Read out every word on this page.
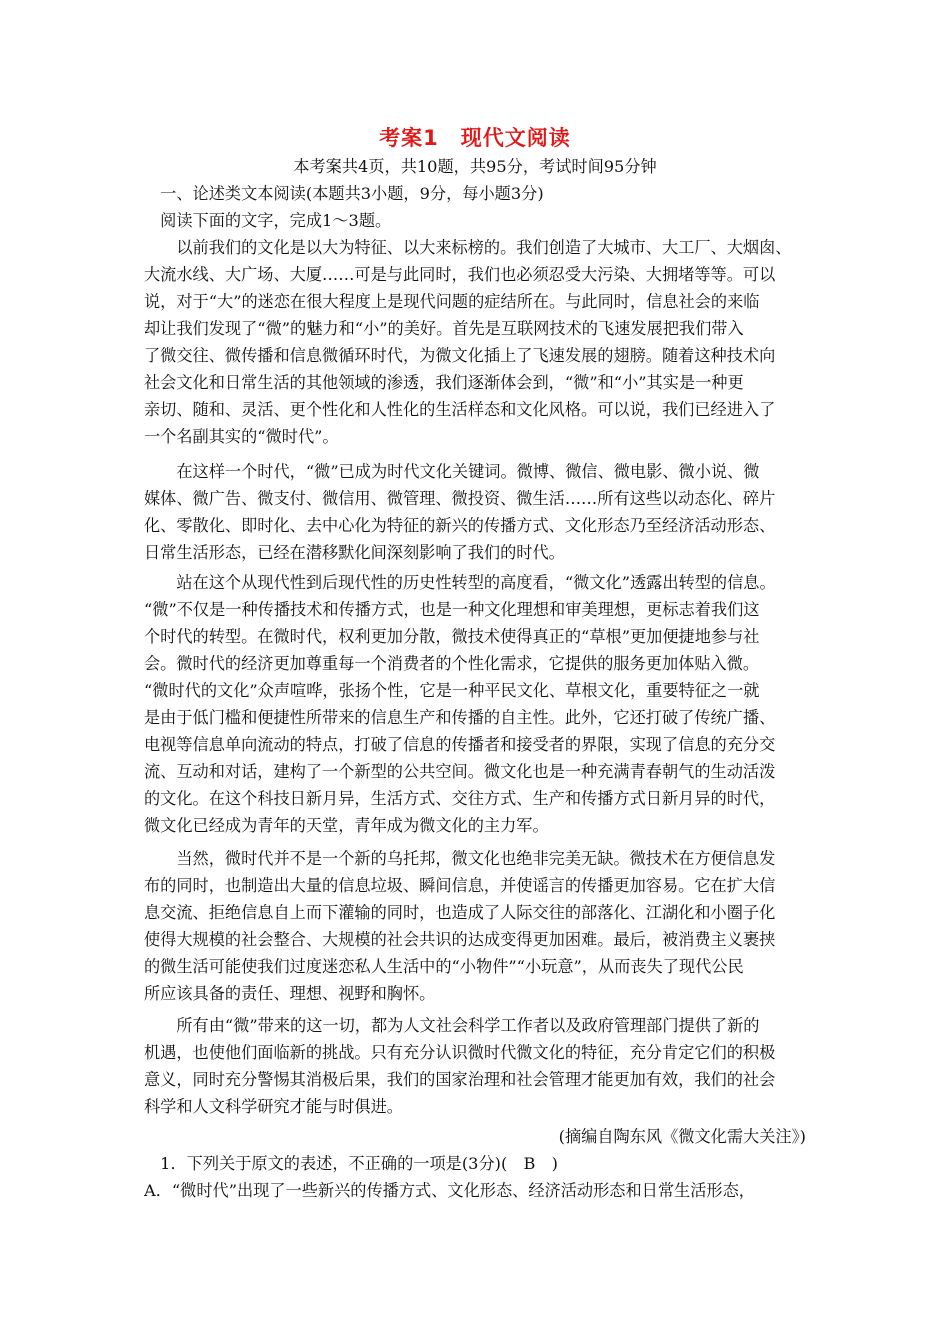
考案1　现代文阅读
本考案共4页，共10题，共95分，考试时间95分钟
　一、论述类文本阅读(本题共3小题，9分，每小题3分)
　阅读下面的文字，完成1～3题。
　　以前我们的文化是以大为特征、以大来标榜的。我们创造了大城市、大工厂、大烟囱、
大流水线、大广场、大厦……可是与此同时，我们也必须忍受大污染、大拥堵等等。可以
说，对于“大”的迷恋在很大程度上是现代问题的症结所在。与此同时，信息社会的来临
却让我们发现了“微”的魅力和“小”的美好。首先是互联网技术的飞速发展把我们带入
了微交往、微传播和信息微循环时代，为微文化插上了飞速发展的翅膀。随着这种技术向
社会文化和日常生活的其他领域的渗透，我们逐渐体会到，“微”和“小”其实是一种更
亲切、随和、灵活、更个性化和人性化的生活样态和文化风格。可以说，我们已经进入了
一个名副其实的“微时代”。
　　在这样一个时代，“微”已成为时代文化关键词。微博、微信、微电影、微小说、微
媒体、微广告、微支付、微信用、微管理、微投资、微生活……所有这些以动态化、碎片
化、零散化、即时化、去中心化为特征的新兴的传播方式、文化形态乃至经济活动形态、
日常生活形态，已经在潜移默化间深刻影响了我们的时代。
　　站在这个从现代性到后现代性的历史性转型的高度看，“微文化”透露出转型的信息。
“微”不仅是一种传播技术和传播方式，也是一种文化理想和审美理想，更标志着我们这
个时代的转型。在微时代，权利更加分散，微技术使得真正的“草根”更加便捷地参与社
会。微时代的经济更加尊重每一个消费者的个性化需求，它提供的服务更加体贴入微。
“微时代的文化”众声喧哗，张扬个性，它是一种平民文化、草根文化，重要特征之一就
是由于低门槛和便捷性所带来的信息生产和传播的自主性。此外，它还打破了传统广播、
电视等信息单向流动的特点，打破了信息的传播者和接受者的界限，实现了信息的充分交
流、互动和对话，建构了一个新型的公共空间。微文化也是一种充满青春朝气的生动活泼
的文化。在这个科技日新月异，生活方式、交往方式、生产和传播方式日新月异的时代，
微文化已经成为青年的天堂，青年成为微文化的主力军。
　　当然，微时代并不是一个新的乌托邦，微文化也绝非完美无缺。微技术在方便信息发
布的同时，也制造出大量的信息垃圾、瞬间信息，并使谣言的传播更加容易。它在扩大信
息交流、拒绝信息自上而下灌输的同时，也造成了人际交往的部落化、江湖化和小圈子化
使得大规模的社会整合、大规模的社会共识的达成变得更加困难。最后，被消费主义裹挟
的微生活可能使我们过度迷恋私人生活中的“小物件”“小玩意”，从而丧失了现代公民
所应该具备的责任、理想、视野和胸怀。
　　所有由“微”带来的这一切，都为人文社会科学工作者以及政府管理部门提供了新的
机遇，也使他们面临新的挑战。只有充分认识微时代微文化的特征，充分肯定它们的积极
意义，同时充分警惕其消极后果，我们的国家治理和社会管理才能更加有效，我们的社会
科学和人文科学研究才能与时俱进。
(摘编自陶东风《微文化需大关注》)
　1．下列关于原文的表述，不正确的一项是(3分)(　B　)
A．“微时代”出现了一些新兴的传播方式、文化形态、经济活动形态和日常生活形态，
